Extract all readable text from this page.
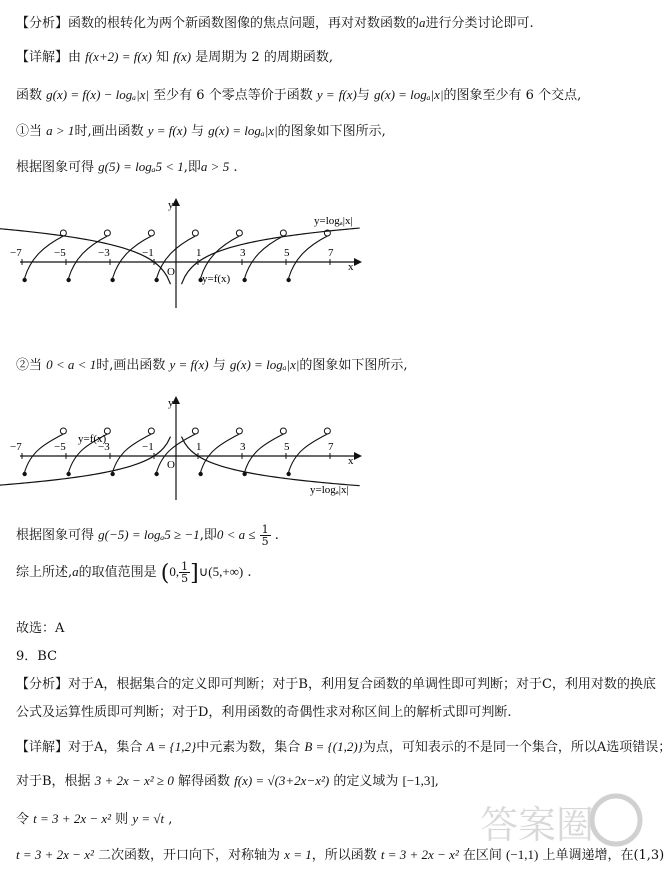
【分析】函数的根转化为两个新函数图像的焦点问题，再对对数函数的a进行分类讨论即可.
【详解】由 f(x+2) = f(x) 知 f(x) 是周期为 2 的周期函数,
函数 g(x) = f(x) − logₐ|x| 至少有 6 个零点等价于函数 y = f(x)与 g(x) = logₐ|x|的图象至少有 6 个交点,
①当 a > 1时,画出函数 y = f(x) 与 g(x) = logₐ|x|的图象如下图所示,
根据图象可得 g(5) = logₐ5 < 1,即a > 5 .
−7	−5	−3	−1	1	3	5	7
y
x
O
y=logₐ|x|
y=f(x)
②当 0 < a < 1时,画出函数 y = f(x) 与 g(x) = logₐ|x|的图象如下图所示,
−7	−5	−3	−1	1	3	5	7
y
x
O
y=logₐ|x|
y=f(x)
根据图象可得 g(−5) = logₐ5 ≥ −1,即$0 < a \le \frac{1}{5}$ .
综上所述,a的取值范围是 (0, $\frac{1}{5}$ ]∪(5,+∞) .
故选：A
9．BC
【分析】对于A，根据集合的定义即可判断；对于B，利用复合函数的单调性即可判断；对于C，利用对数的换底
公式及运算性质即可判断；对于D，利用函数的奇偶性求对称区间上的解析式即可判断.
【详解】对于A，集合 A = {1,2}中元素为数，集合 B = {(1,2)}为点，可知表示的不是同一个集合，所以A选项错误；
对于B，根据 3 + 2x − x² ≥ 0 解得函数 f(x) = √(3+2x−x²) 的定义域为 [−1,3],
令 t = 3 + 2x − x² 则 y = √t ,
t = 3 + 2x − x² 二次函数，开口向下，对称轴为 x = 1，所以函数 t = 3 + 2x − x² 在区间 (−1,1) 上单调递增，在(1,3)
答案圈
